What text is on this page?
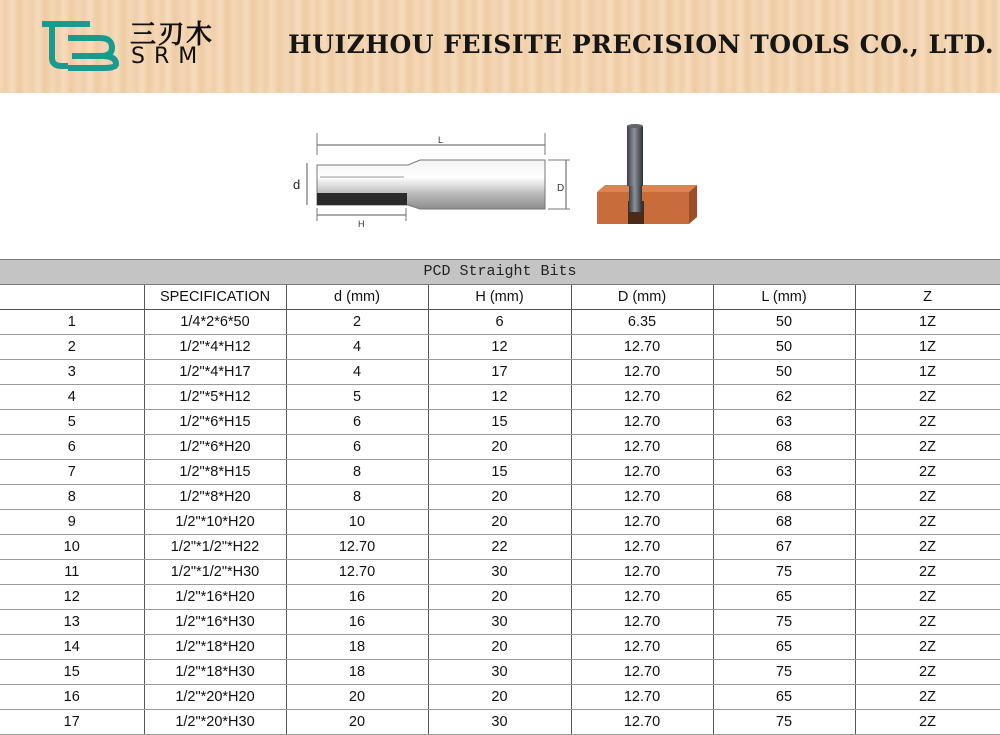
三刃木
SRM	HUIZHOU FEISITE PRECISION TOOLS CO., LTD.
L
d	D
H
PCD Straight Bits
	SPECIFICATION	d (mm)	H (mm)	D (mm)	L (mm)	Z
1	1/4*2*6*50	2	6	6.35	50	1Z
2	1/2"*4*H12	4	12	12.70	50	1Z
3	1/2"*4*H17	4	17	12.70	50	1Z
4	1/2"*5*H12	5	12	12.70	62	2Z
5	1/2"*6*H15	6	15	12.70	63	2Z
6	1/2"*6*H20	6	20	12.70	68	2Z
7	1/2"*8*H15	8	15	12.70	63	2Z
8	1/2"*8*H20	8	20	12.70	68	2Z
9	1/2"*10*H20	10	20	12.70	68	2Z
10	1/2"*1/2"*H22	12.70	22	12.70	67	2Z
11	1/2"*1/2"*H30	12.70	30	12.70	75	2Z
12	1/2"*16*H20	16	20	12.70	65	2Z
13	1/2"*16*H30	16	30	12.70	75	2Z
14	1/2"*18*H20	18	20	12.70	65	2Z
15	1/2"*18*H30	18	30	12.70	75	2Z
16	1/2"*20*H20	20	20	12.70	65	2Z
17	1/2"*20*H30	20	30	12.70	75	2Z
